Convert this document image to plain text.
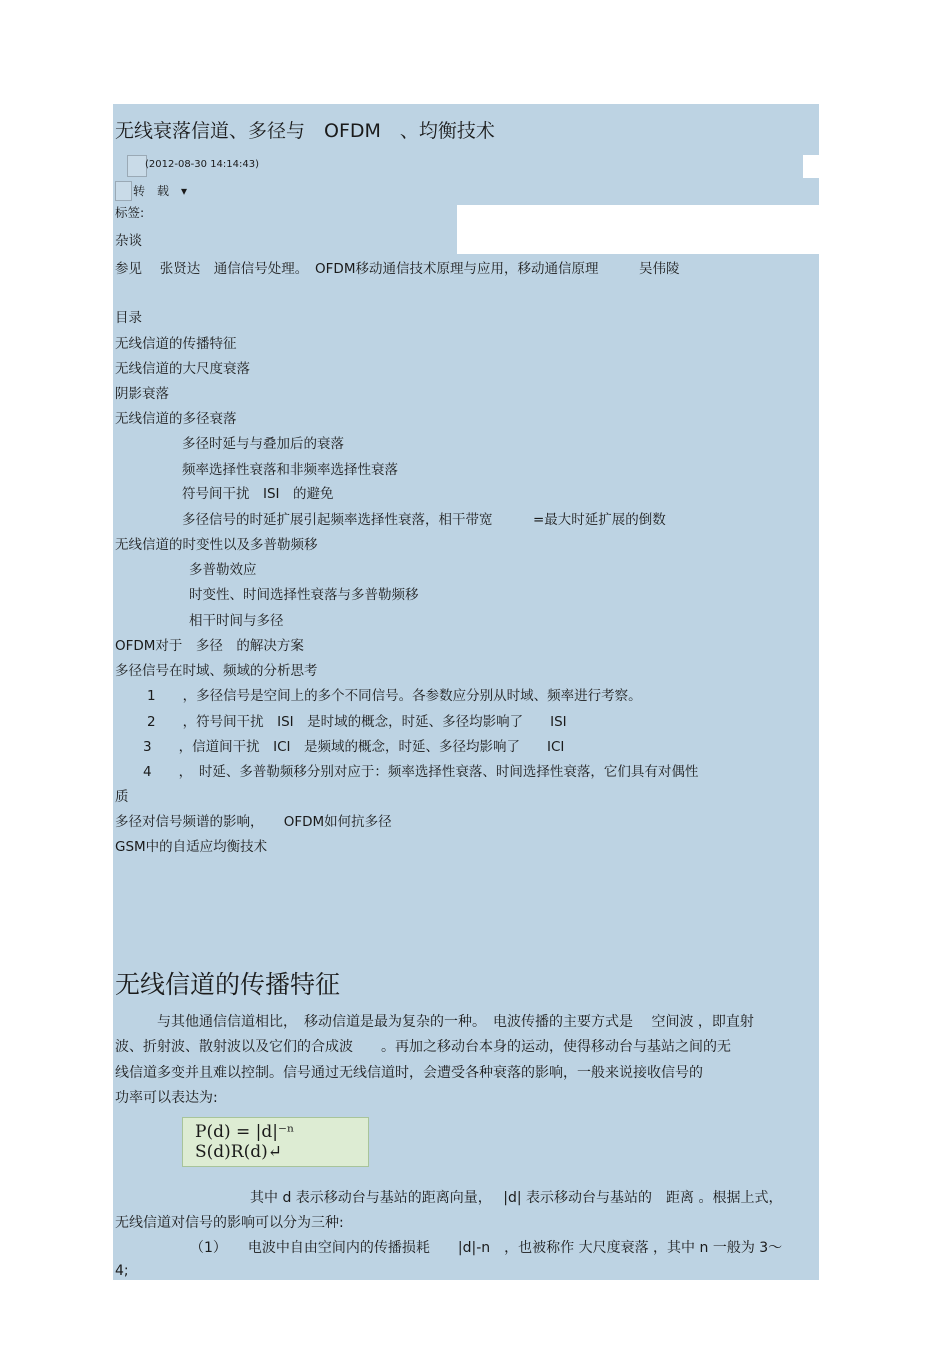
无线衰落信道、多径与　OFDM　、均衡技术
(2012-08-30 14:14:43)
转　载　▾
标签:
杂谈
参见　 张贤达　通信信号处理。　OFDM移动通信技术原理与应用，移动通信原理　　　吴伟陵
目录
无线信道的传播特征
无线信道的大尺度衰落
阴影衰落
无线信道的多径衰落
多径时延与与叠加后的衰落
频率选择性衰落和非频率选择性衰落
符号间干扰　ISI　的避免
多径信号的时延扩展引起频率选择性衰落，相干带宽　　　=最大时延扩展的倒数
无线信道的时变性以及多普勒频移
多普勒效应
时变性、时间选择性衰落与多普勒频移
相干时间与多径
OFDM对于　多径　的解决方案
多径信号在时域、频域的分析思考
1　　，多径信号是空间上的多个不同信号。各参数应分别从时域、频率进行考察。
2　　，符号间干扰　ISI　是时域的概念，时延、多径均影响了　　ISI
3　　，信道间干扰　ICI　是频域的概念，时延、多径均影响了　　ICI
4　　，　时延、多普勒频移分别对应于：频率选择性衰落、时间选择性衰落，它们具有对偶性
质
多径对信号频谱的影响，　　OFDM如何抗多径
GSM中的自适应均衡技术
无线信道的传播特征
与其他通信信道相比，　移动信道是最为复杂的一种。　电波传播的主要方式是　 空间波 ，即直射
波、折射波、散射波以及它们的合成波　　。再加之移动台本身的运动，使得移动台与基站之间的无
线信道多变并且难以控制。信号通过无线信道时，会遭受各种衰落的影响，一般来说接收信号的
功率可以表达为:
P(d) = |d|⁻ⁿ S(d)R(d)↵
其中 d 表示移动台与基站的距离向量，　 |d| 表示移动台与基站的　距离 。根据上式，
无线信道对信号的影响可以分为三种:
（1）　　电波中自由空间内的传播损耗　　|d|-n　，也被称作 大尺度衰落 ，其中 n 一般为 3～
4;
